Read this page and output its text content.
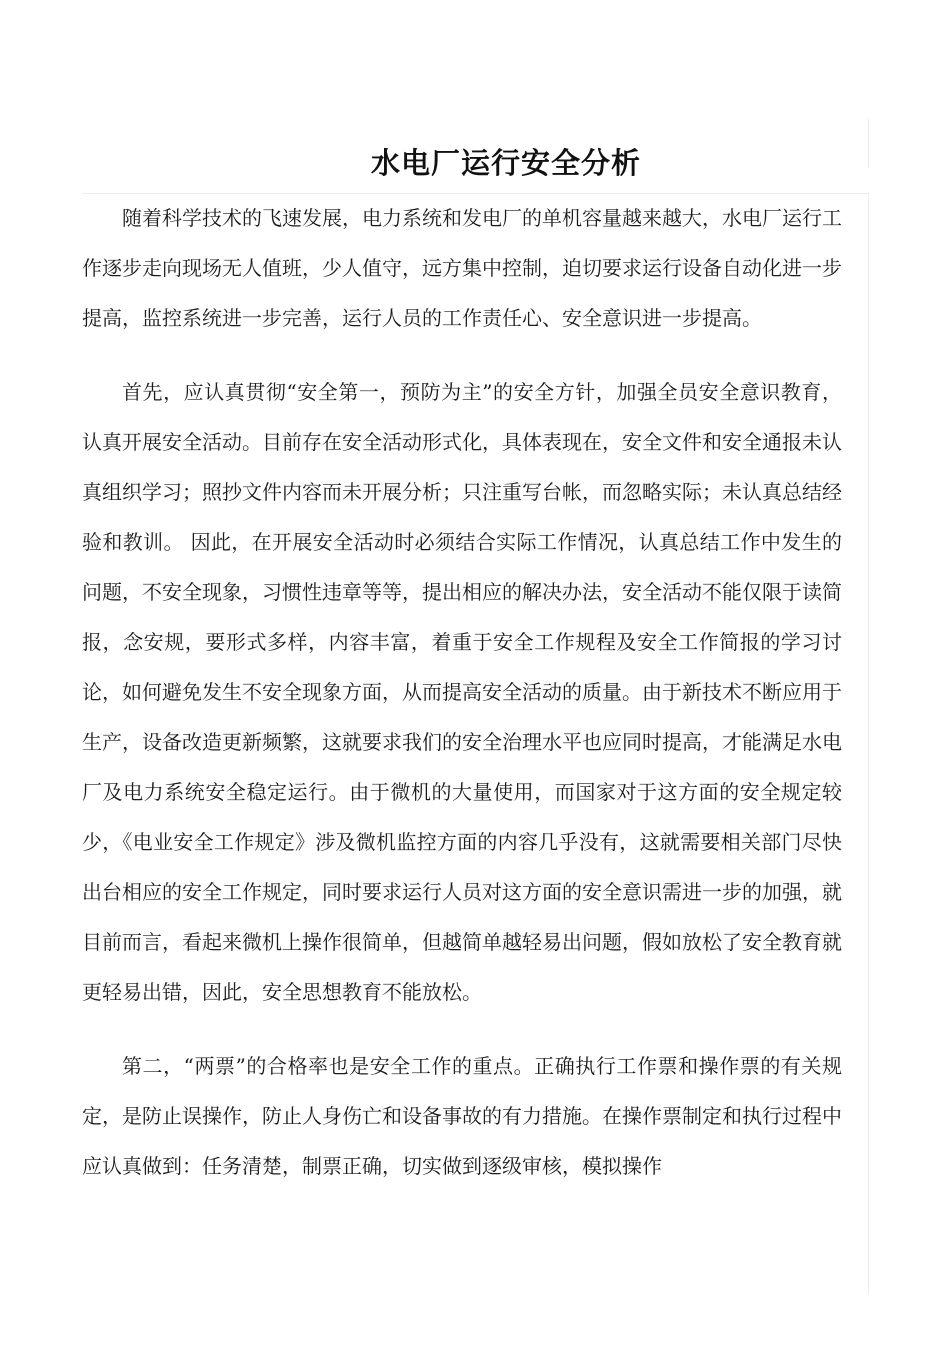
水电厂运行安全分析

随着科学技术的飞速发展，电力系统和发电厂的单机容量越来越大，水电厂运行工作逐步走向现场无人值班，少人值守，远方集中控制，迫切要求运行设备自动化进一步提高，监控系统进一步完善，运行人员的工作责任心、安全意识进一步提高。

首先，应认真贯彻“安全第一，预防为主”的安全方针，加强全员安全意识教育，认真开展安全活动。目前存在安全活动形式化，具体表现在，安全文件和安全通报未认真组织学习；照抄文件内容而未开展分析；只注重写台帐，而忽略实际；未认真总结经验和教训。 因此，在开展安全活动时必须结合实际工作情况，认真总结工作中发生的问题，不安全现象，习惯性违章等等，提出相应的解决办法，安全活动不能仅限于读简报，念安规，要形式多样，内容丰富，着重于安全工作规程及安全工作简报的学习讨论，如何避免发生不安全现象方面，从而提高安全活动的质量。由于新技术不断应用于生产，设备改造更新频繁，这就要求我们的安全治理水平也应同时提高，才能满足水电厂及电力系统安全稳定运行。由于微机的大量使用，而国家对于这方面的安全规定较少，《电业安全工作规定》涉及微机监控方面的内容几乎没有，这就需要相关部门尽快出台相应的安全工作规定，同时要求运行人员对这方面的安全意识需进一步的加强，就目前而言，看起来微机上操作很简单，但越简单越轻易出问题，假如放松了安全教育就更轻易出错，因此，安全思想教育不能放松。

第二，“两票”的合格率也是安全工作的重点。正确执行工作票和操作票的有关规定，是防止误操作，防止人身伤亡和设备事故的有力措施。在操作票制定和执行过程中应认真做到：任务清楚，制票正确，切实做到逐级审核，模拟操作
